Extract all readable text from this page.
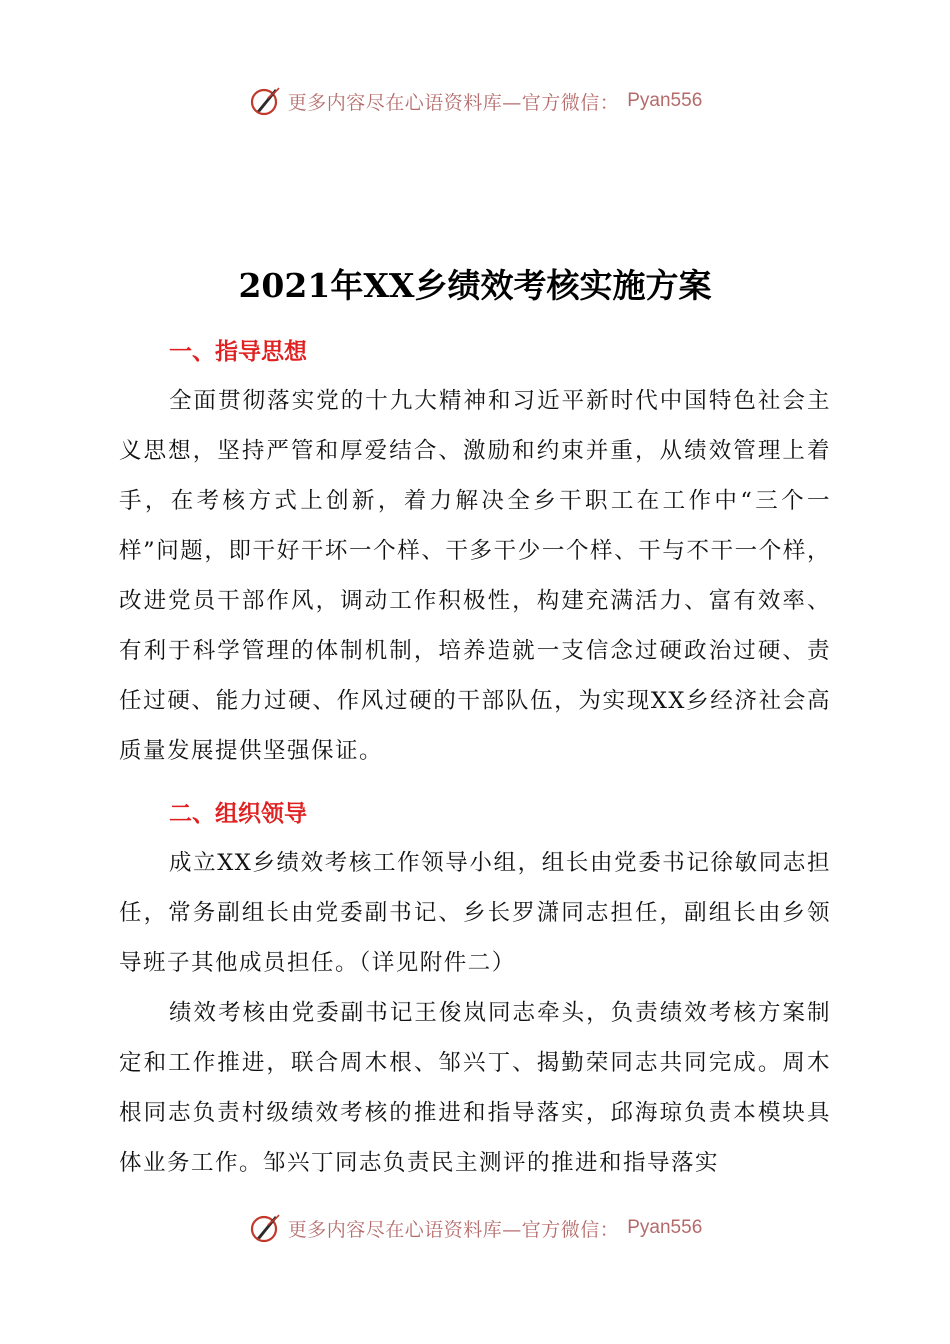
更多内容尽在心语资料库—官方微信： Pyan556
2021年XX乡绩效考核实施方案
一、指导思想

全面贯彻落实党的十九大精神和习近平新时代中国特色社会主义思想，坚持严管和厚爱结合、激励和约束并重，从绩效管理上着手，在考核方式上创新，着力解决全乡干职工在工作中“三个一样”问题，即干好干坏一个样、干多干少一个样、干与不干一个样，改进党员干部作风，调动工作积极性，构建充满活力、富有效率、有利于科学管理的体制机制，培养造就一支信念过硬政治过硬、责任过硬、能力过硬、作风过硬的干部队伍，为实现XX乡经济社会高质量发展提供坚强保证。

二、组织领导

成立XX乡绩效考核工作领导小组，组长由党委书记徐敏同志担任，常务副组长由党委副书记、乡长罗潇同志担任，副组长由乡领导班子其他成员担任。（详见附件二）

绩效考核由党委副书记王俊岚同志牵头，负责绩效考核方案制定和工作推进，联合周木根、邹兴丁、揭勤荣同志共同完成。周木根同志负责村级绩效考核的推进和指导落实，邱海琼负责本模块具体业务工作。邹兴丁同志负责民主测评的推进和指导落实

更多内容尽在心语资料库—官方微信： Pyan556
